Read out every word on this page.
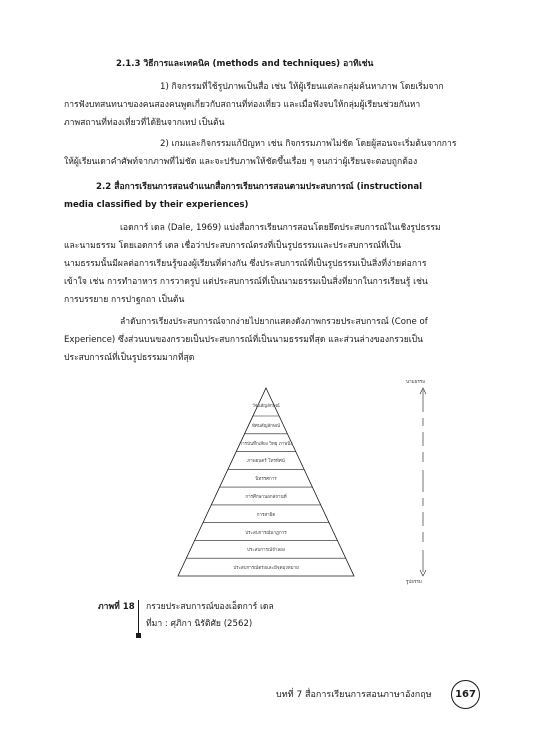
2.1.3 วิธีการและเทคนิค (methods and techniques) อาทิเช่น
1) กิจกรรมที่ใช้รูปภาพเป็นสื่อ เช่น ให้ผู้เรียนแต่ละกลุ่มค้นหาภาพ โดยเริ่มจาก
การฟังบทสนทนาของคนสองคนพูดเกี่ยวกับสถานที่ท่องเที่ยว และเมื่อฟังจบให้กลุ่มผู้เรียนช่วยกันหา
ภาพสถานที่ท่องเที่ยวที่ได้ยินจากเทป เป็นต้น
2) เกมและกิจกรรมแก้ปัญหา เช่น กิจกรรมภาพไม่ชัด โดยผู้สอนจะเริ่มต้นจากการ
ให้ผู้เรียนเดาคำศัพท์จากภาพที่ไม่ชัด และจะปรับภาพให้ชัดขึ้นเรื่อย ๆ จนกว่าผู้เรียนจะตอบถูกต้อง
2.2 สื่อการเรียนการสอนจำแนกสื่อการเรียนการสอนตามประสบการณ์ (instructional
media classified by their experiences)
เอดการ์ เดล (Dale, 1969) แบ่งสื่อการเรียนการสอนโดยยึดประสบการณ์ในเชิงรูปธรรม
และนามธรรม โดยเอดการ์ เดล เชื่อว่าประสบการณ์ตรงที่เป็นรูปธรรมและประสบการณ์ที่เป็น
นามธรรมนั้นมีผลต่อการเรียนรู้ของผู้เรียนที่ต่างกัน ซึ่งประสบการณ์ที่เป็นรูปธรรมเป็นสิ่งที่ง่ายต่อการ
เข้าใจ เช่น การทำอาหาร การวาดรูป แต่ประสบการณ์ที่เป็นนามธรรมเป็นสิ่งที่ยากในการเรียนรู้ เช่น
การบรรยาย การปาฐกถา เป็นต้น
ลำดับการเรียงประสบการณ์จากง่ายไปยากแสดงดังภาพกรวยประสบการณ์ (Cone of
Experience) ซึ่งส่วนบนของกรวยเป็นประสบการณ์ที่เป็นนามธรรมที่สุด และส่วนล่างของกรวยเป็น
ประสบการณ์ที่เป็นรูปธรรมมากที่สุด
วัจนสัญลักษณ์
ทัศนสัญลักษณ์
การบันทึกเสียง วิทยุ ภาพนิ่ง
ภาพยนตร์ โทรทัศน์
นิทรรศการ
การศึกษานอกสถานที่
การสาธิต
ประสบการณ์นาฏการ
ประสบการณ์จำลอง
ประสบการณ์ตรงและมีจุดมุ่งหมาย
นามธรรม
รูปธรรม
ภาพที่ 18 กรวยประสบการณ์ของเอ็ดการ์ เดล
ที่มา : ศุภิกา นิรัติศัย (2562)
บทที่ 7 สื่อการเรียนการสอนภาษาอังกฤษ	167
